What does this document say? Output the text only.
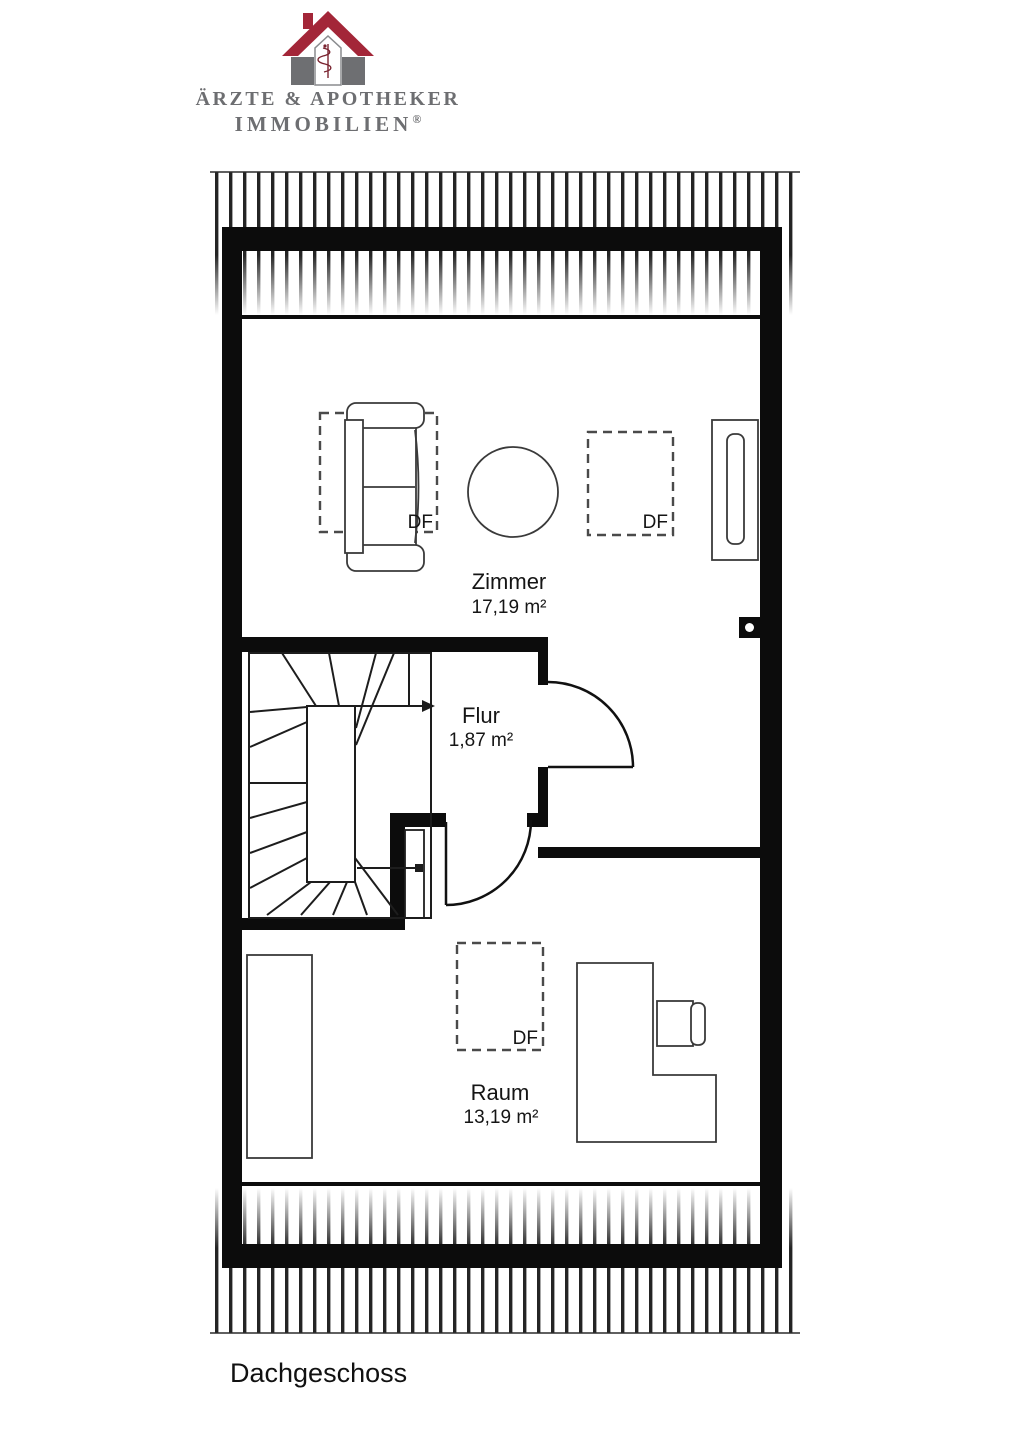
ÄRZTE & APOTHEKER
IMMOBILIEN®
Zimmer
17,19 m²
Flur
1,87 m²
Raum
13,19 m²
DF	DF
DF
Dachgeschoss
